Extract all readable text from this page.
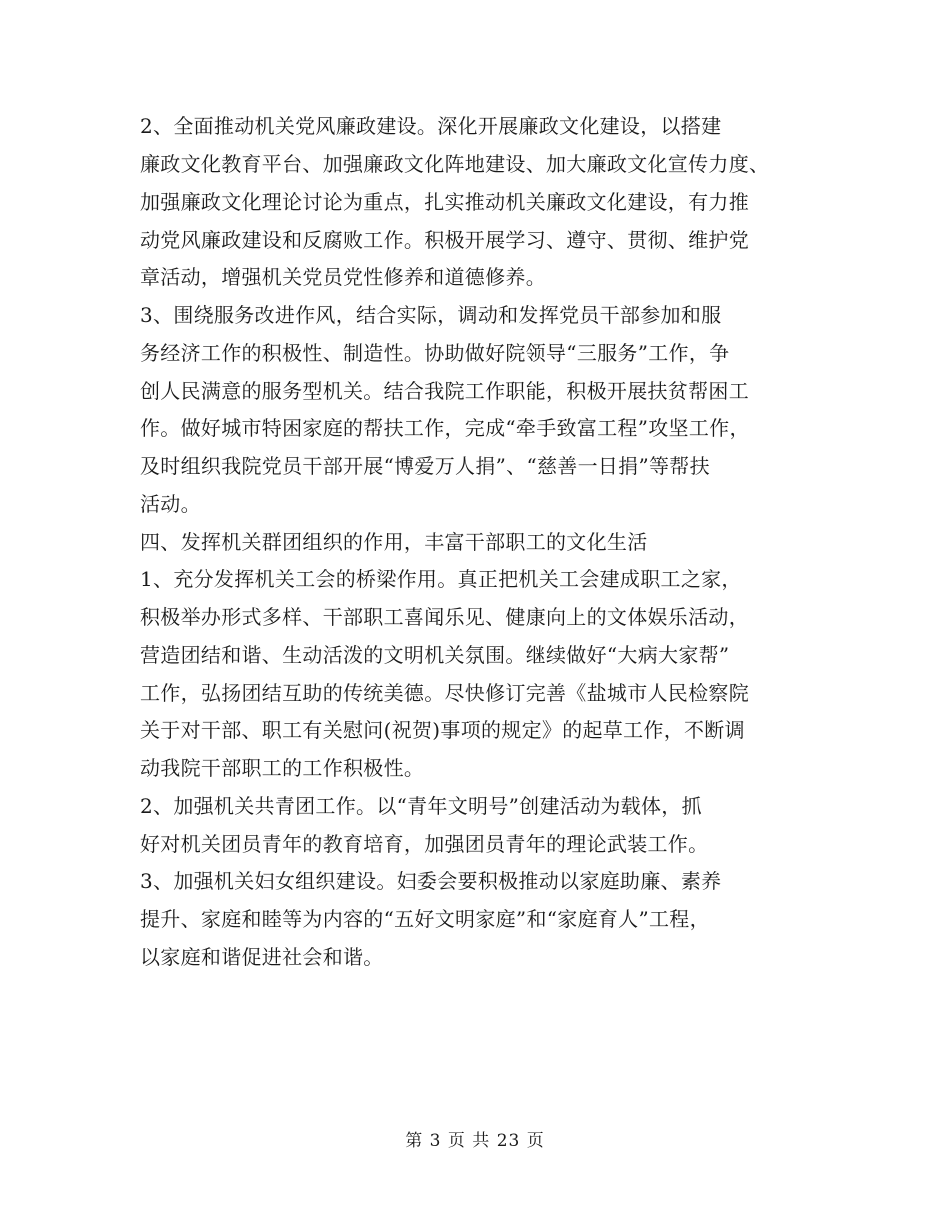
2、全面推动机关党风廉政建设。深化开展廉政文化建设，以搭建
廉政文化教育平台、加强廉政文化阵地建设、加大廉政文化宣传力度、
加强廉政文化理论讨论为重点，扎实推动机关廉政文化建设，有力推
动党风廉政建设和反腐败工作。积极开展学习、遵守、贯彻、维护党
章活动，增强机关党员党性修养和道德修养。
3、围绕服务改进作风，结合实际，调动和发挥党员干部参加和服
务经济工作的积极性、制造性。协助做好院领导“三服务”工作，争
创人民满意的服务型机关。结合我院工作职能，积极开展扶贫帮困工
作。做好城市特困家庭的帮扶工作，完成“牵手致富工程”攻坚工作，
及时组织我院党员干部开展“博爱万人捐”、“慈善一日捐”等帮扶
活动。
四、发挥机关群团组织的作用，丰富干部职工的文化生活
1、充分发挥机关工会的桥梁作用。真正把机关工会建成职工之家，
积极举办形式多样、干部职工喜闻乐见、健康向上的文体娱乐活动，
营造团结和谐、生动活泼的文明机关氛围。继续做好“大病大家帮”
工作，弘扬团结互助的传统美德。尽快修订完善《盐城市人民检察院
关于对干部、职工有关慰问(祝贺)事项的规定》的起草工作，不断调
动我院干部职工的工作积极性。
2、加强机关共青团工作。以“青年文明号”创建活动为载体，抓
好对机关团员青年的教育培育，加强团员青年的理论武装工作。
3、加强机关妇女组织建设。妇委会要积极推动以家庭助廉、素养
提升、家庭和睦等为内容的“五好文明家庭”和“家庭育人”工程，
以家庭和谐促进社会和谐。
第 3 页 共 23 页
